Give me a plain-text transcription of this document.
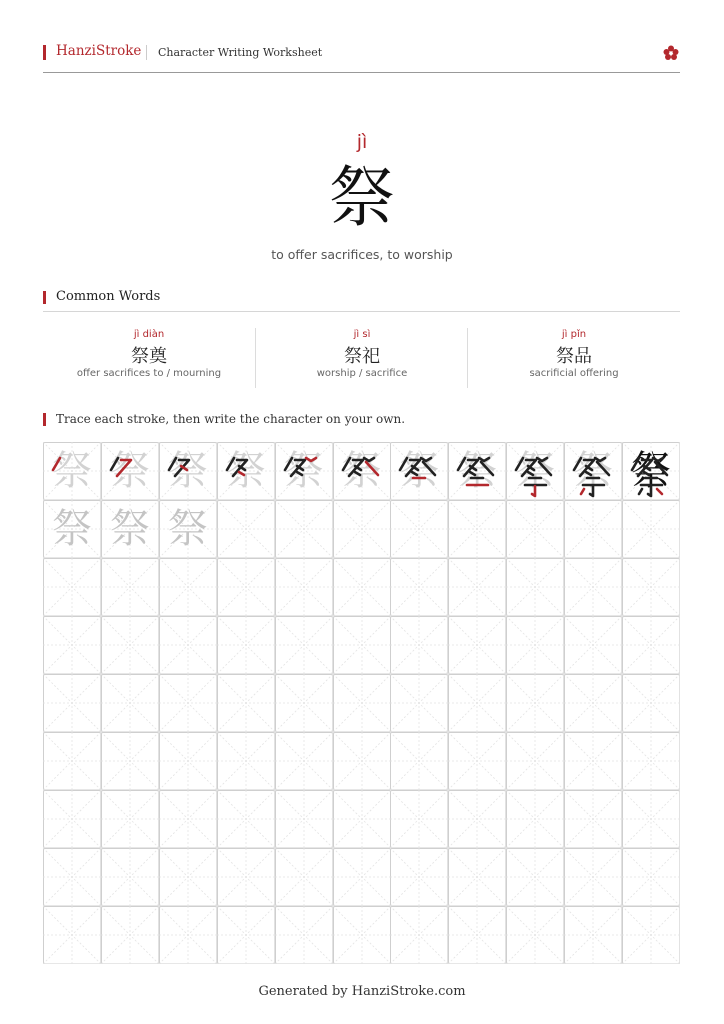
HanziStroke Character Writing Worksheet
jì
祭
to offer sacrifices, to worship
Common Words
jì diàn
祭奠
offer sacrifices to / mourning
jì sì
祭祀
worship / sacrifice
jì pǐn
祭品
sacrificial offering
Trace each stroke, then write the character on your own.
祭 祭 祭 祭 祭 祭 祭 祭 祭 祭 祭
祭 祭 祭
Generated by HanziStroke.com
